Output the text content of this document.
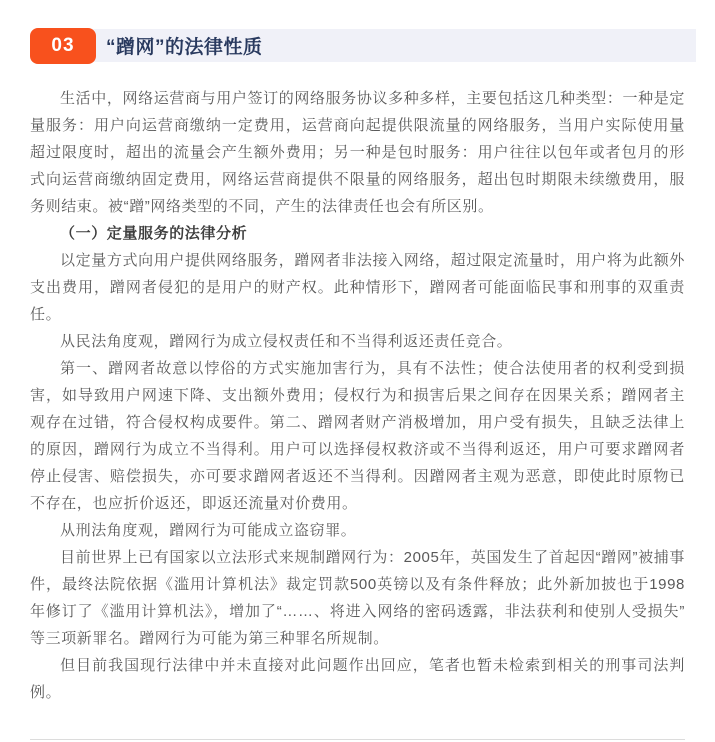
03	“蹭网”的法律性质

生活中，网络运营商与用户签订的网络服务协议多种多样，主要包括这几种类型：一种是定量服务：用户向运营商缴纳一定费用，运营商向起提供限流量的网络服务，当用户实际使用量超过限度时，超出的流量会产生额外费用；另一种是包时服务：用户往往以包年或者包月的形式向运营商缴纳固定费用，网络运营商提供不限量的网络服务，超出包时期限未续缴费用，服务则结束。被“蹭”网络类型的不同，产生的法律责任也会有所区别。

（一）定量服务的法律分析

以定量方式向用户提供网络服务，蹭网者非法接入网络，超过限定流量时，用户将为此额外支出费用，蹭网者侵犯的是用户的财产权。此种情形下，蹭网者可能面临民事和刑事的双重责任。

从民法角度观，蹭网行为成立侵权责任和不当得利返还责任竞合。

第一、蹭网者故意以悖俗的方式实施加害行为，具有不法性；使合法使用者的权利受到损害，如导致用户网速下降、支出额外费用；侵权行为和损害后果之间存在因果关系；蹭网者主观存在过错，符合侵权构成要件。第二、蹭网者财产消极增加，用户受有损失，且缺乏法律上的原因，蹭网行为成立不当得利。用户可以选择侵权救济或不当得利返还，用户可要求蹭网者停止侵害、赔偿损失，亦可要求蹭网者返还不当得利。因蹭网者主观为恶意，即使此时原物已不存在，也应折价返还，即返还流量对价费用。

从刑法角度观，蹭网行为可能成立盗窃罪。

目前世界上已有国家以立法形式来规制蹭网行为：2005年，英国发生了首起因“蹭网”被捕事件，最终法院依据《滥用计算机法》裁定罚款500英镑以及有条件释放；此外新加披也于1998年修订了《滥用计算机法》，增加了“……、将进入网络的密码透露，非法获利和使别人受损失”等三项新罪名。蹭网行为可能为第三种罪名所规制。

但目前我国现行法律中并未直接对此问题作出回应，笔者也暂未检索到相关的刑事司法判例。
